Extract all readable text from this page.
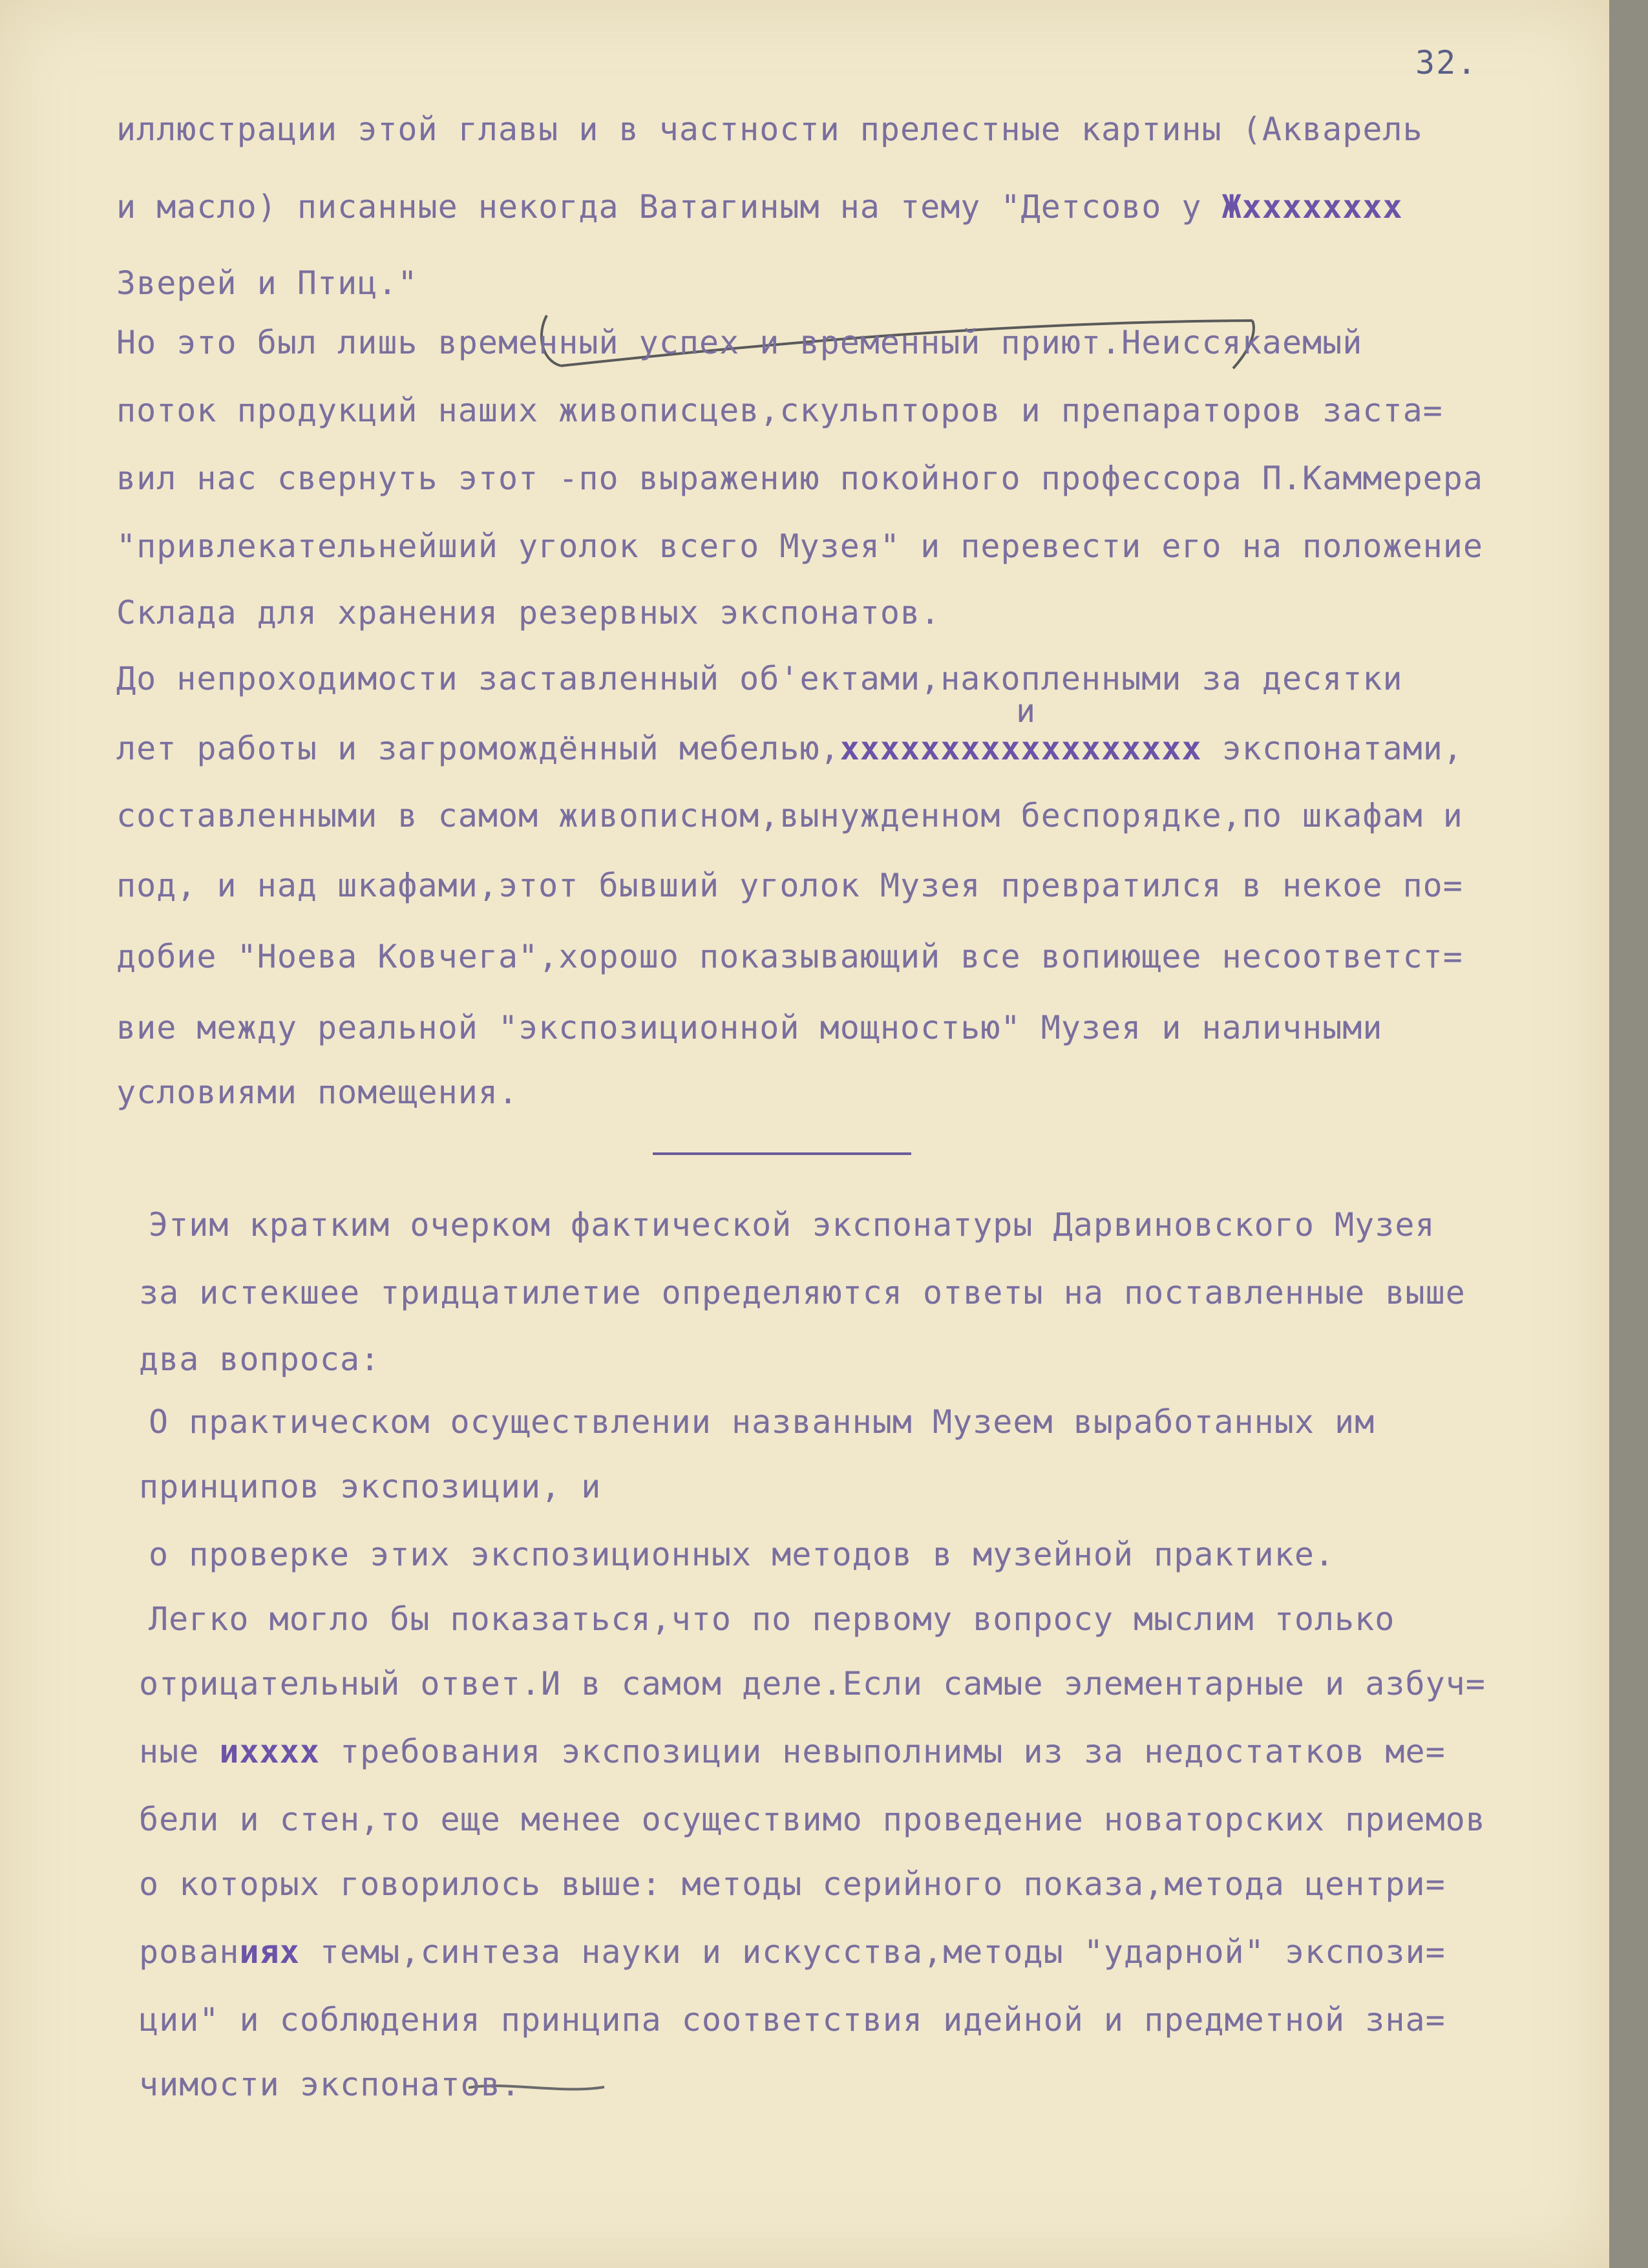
32.
и
иллюстрации этой главы и в частности прелестные картины (Акварель
и масло) писанные некогда Ватагиным на тему "Детсово у Жхххххххх
Зверей и Птиц."
Но это был лишь временный успех и временный приют.Неиссякаемый
поток продукций наших живописцев,скульпторов и препараторов заста=
вил нас свернуть этот -по выражению покойного профессора П.Каммерера
"привлекательнейший уголок всего Музея" и перевести его на положение
Склада для хранения резервных экспонатов.
До непроходимости заставленный об'ектами,накопленными за десятки
лет работы и загромождённый мебелью,хххххххххххххххххх экспонатами,
составленными в самом живописном,вынужденном беспорядке,по шкафам и
под, и над шкафами,этот бывший уголок Музея превратился в некое по=
добие "Ноева Ковчега",хорошо показывающий все вопиющее несоответст=
вие между реальной "экспозиционной мощностью" Музея и наличными
условиями помещения.
Этим кратким очерком фактической экспонатуры Дарвиновского Музея
за истекшее тридцатилетие определяются ответы на поставленные выше
два вопроса:
О практическом осуществлении названным Музеем выработанных им
принципов экспозиции, и
о проверке этих экспозиционных методов в музейной практике.
Легко могло бы показаться,что по первому вопросу мыслим только
отрицательный ответ.И в самом деле.Если самые элементарные и азбуч=
ные ихххх требования экспозиции невыполнимы из за недостатков ме=
бели и стен,то еще менее осуществимо проведение новаторских приемов
о которых говорилось выше: методы серийного показа,метода центри=
рованиях темы,синтеза науки и искусства,методы "ударной" экспози=
ции" и соблюдения принципа соответствия идейной и предметной зна=
чимости экспонатов.
